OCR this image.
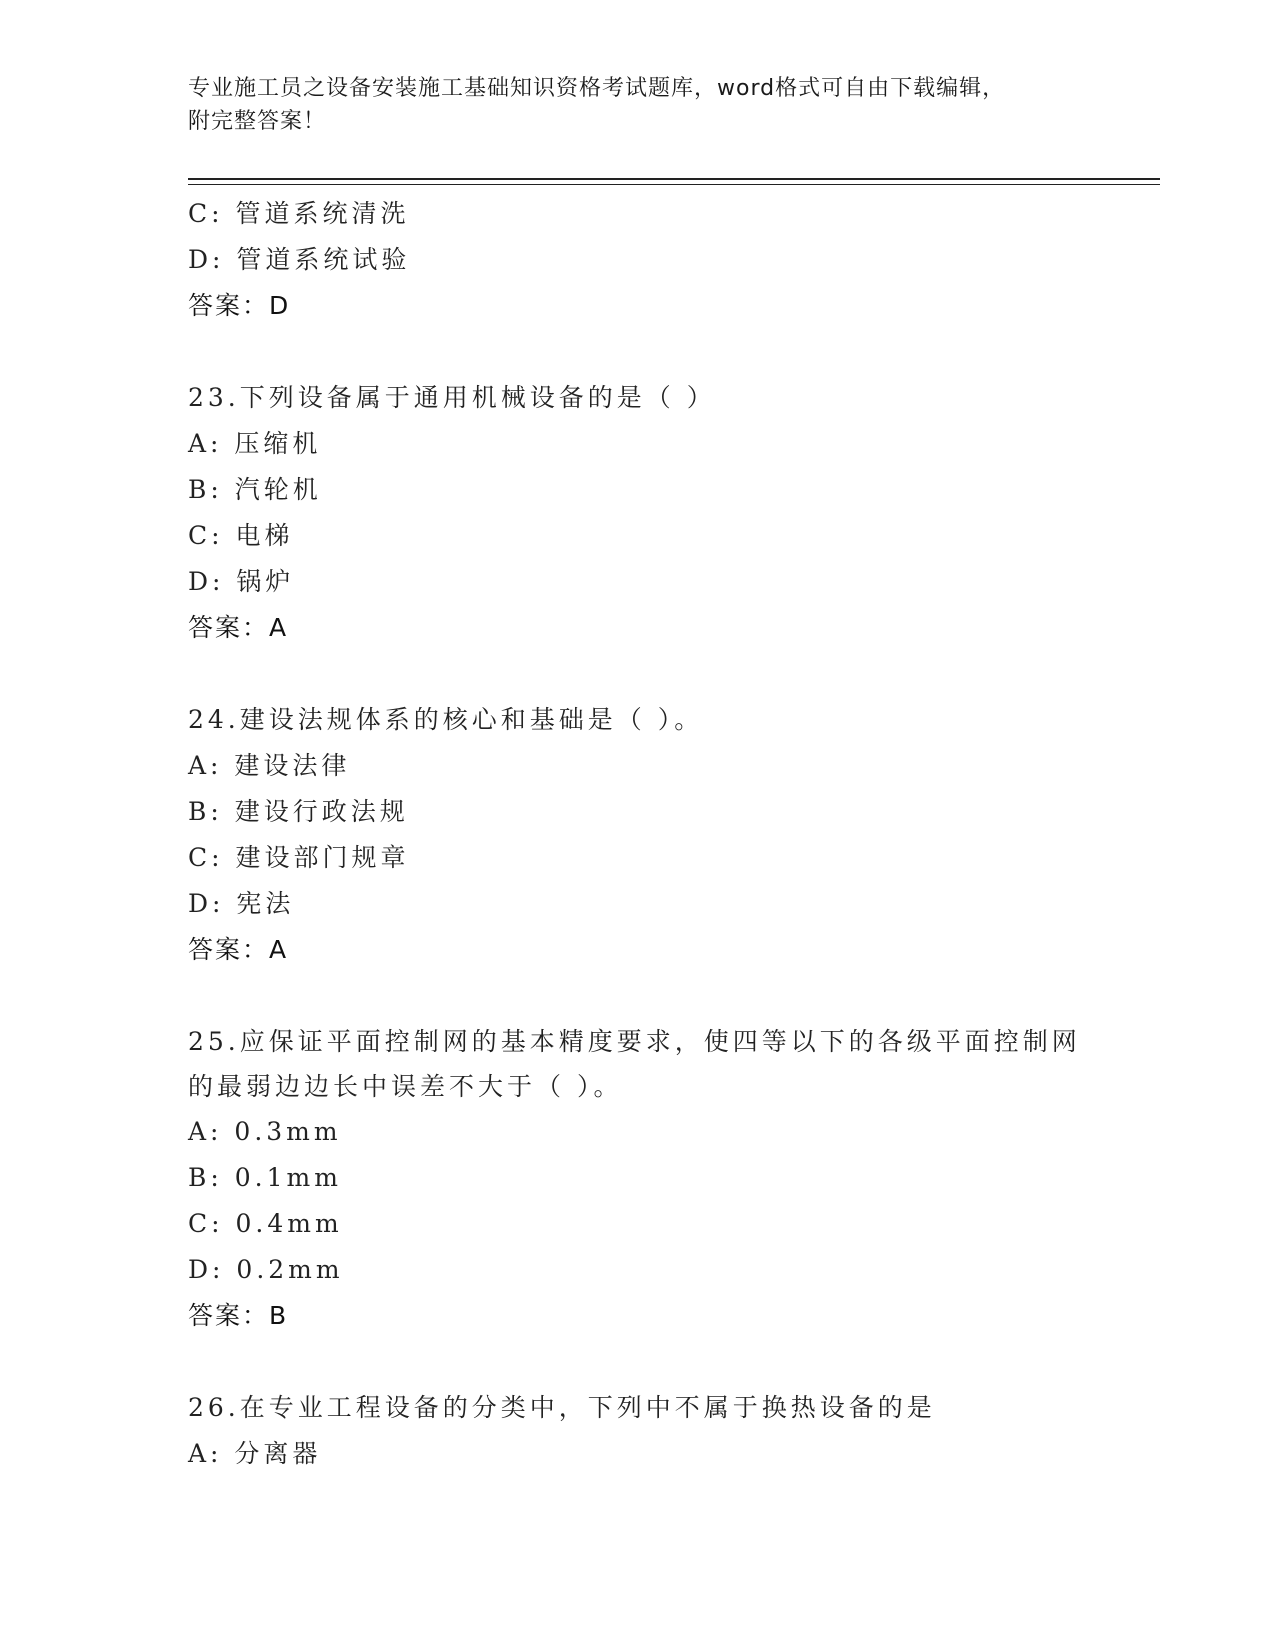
专业施工员之设备安装施工基础知识资格考试题库，word格式可自由下载编辑，
附完整答案！
C: 管道系统清洗
D: 管道系统试验
答案：D
23.下列设备属于通用机械设备的是（ ）
A: 压缩机
B: 汽轮机
C: 电梯
D: 锅炉
答案：A
24.建设法规体系的核心和基础是（ ）。
A: 建设法律
B: 建设行政法规
C: 建设部门规章
D: 宪法
答案：A
25.应保证平面控制网的基本精度要求，使四等以下的各级平面控制网的最弱边边长中误差不大于（ ）。
A: 0.3mm
B: 0.1mm
C: 0.4mm
D: 0.2mm
答案：B
26.在专业工程设备的分类中，下列中不属于换热设备的是
A: 分离器
